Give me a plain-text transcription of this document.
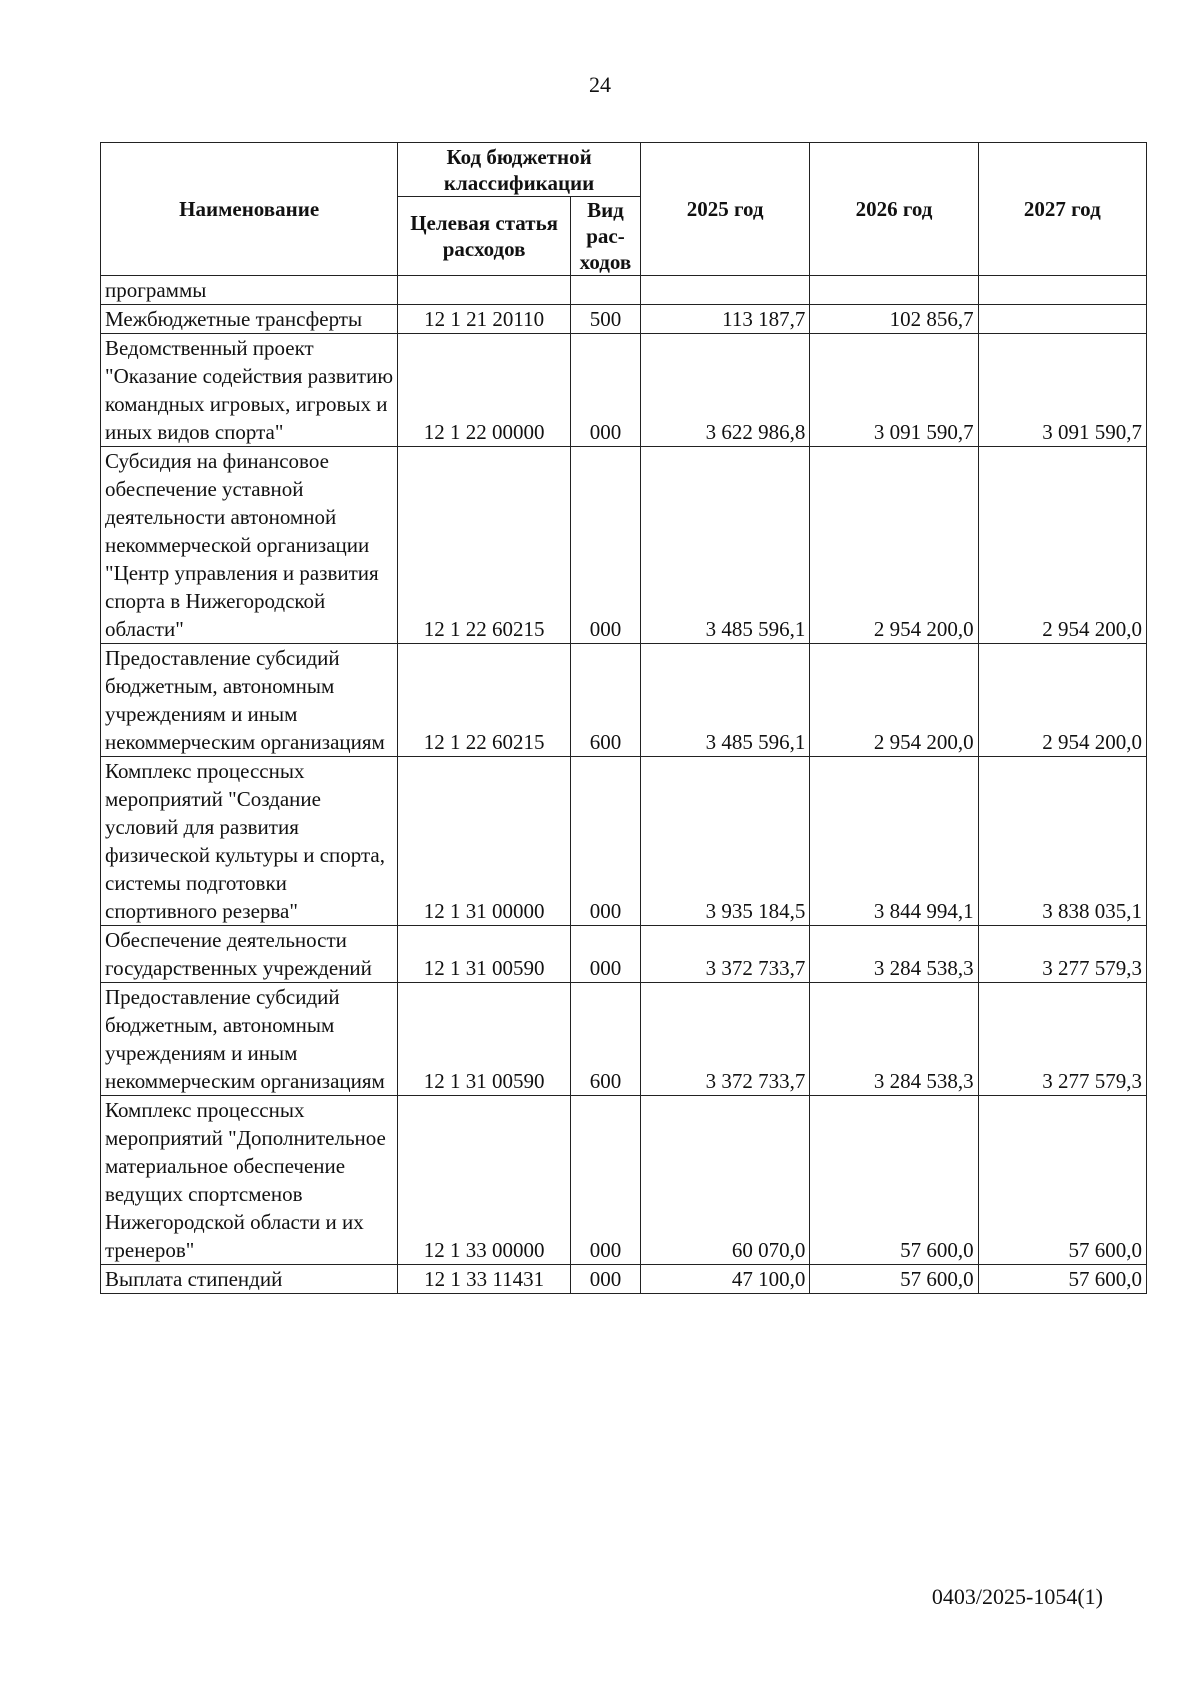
24
Наименование	Код бюджетной классификации		2025 год	2026 год	2027 год
	Целевая статья расходов	Вид рас-ходов			
программы					
Межбюджетные трансферты	12 1 21 20110	500	113 187,7	102 856,7	
Ведомственный проект "Оказание содействия развитию командных игровых, игровых и иных видов спорта"	12 1 22 00000	000	3 622 986,8	3 091 590,7	3 091 590,7
Субсидия на финансовое обеспечение уставной деятельности автономной некоммерческой организации "Центр управления и развития спорта в Нижегородской области"	12 1 22 60215	000	3 485 596,1	2 954 200,0	2 954 200,0
Предоставление субсидий бюджетным, автономным учреждениям и иным некоммерческим организациям	12 1 22 60215	600	3 485 596,1	2 954 200,0	2 954 200,0
Комплекс процессных мероприятий "Создание условий для развития физической культуры и спорта, системы подготовки спортивного резерва"	12 1 31 00000	000	3 935 184,5	3 844 994,1	3 838 035,1
Обеспечение деятельности государственных учреждений	12 1 31 00590	000	3 372 733,7	3 284 538,3	3 277 579,3
Предоставление субсидий бюджетным, автономным учреждениям и иным некоммерческим организациям	12 1 31 00590	600	3 372 733,7	3 284 538,3	3 277 579,3
Комплекс процессных мероприятий "Дополнительное материальное обеспечение ведущих спортсменов Нижегородской области и их тренеров"	12 1 33 00000	000	60 070,0	57 600,0	57 600,0
Выплата стипендий	12 1 33 11431	000	47 100,0	57 600,0	57 600,0
0403/2025-1054(1)
